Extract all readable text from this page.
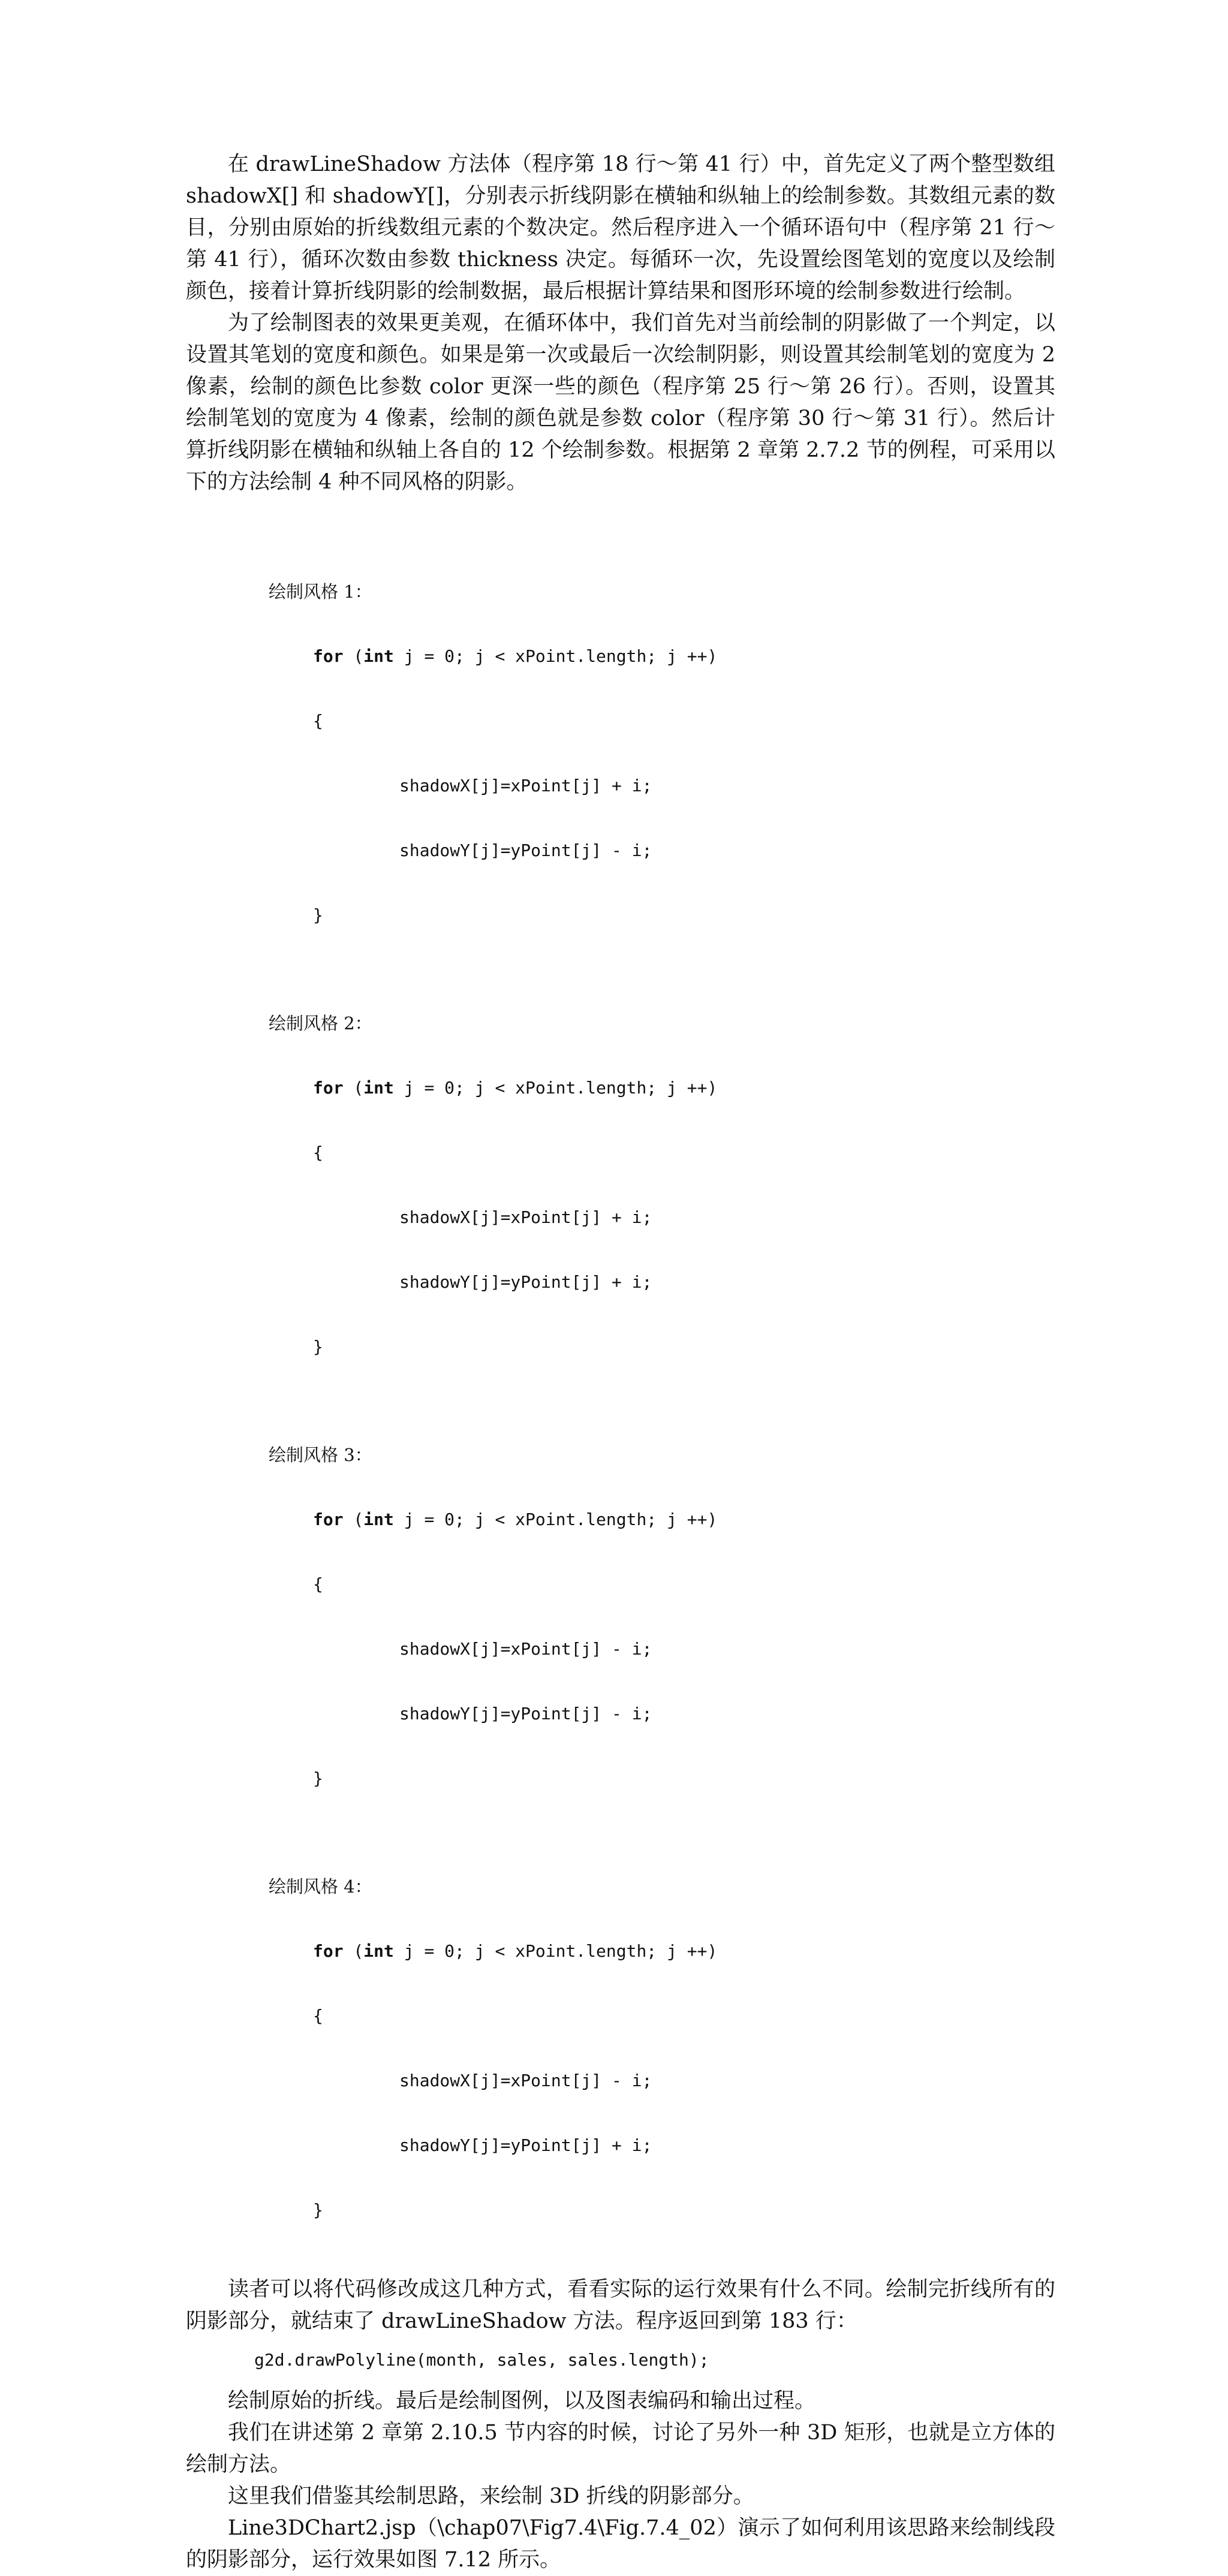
在 drawLineShadow 方法体（程序第 18 行～第 41 行）中，首先定义了两个整型数组 shadowX[] 和 shadowY[]，分别表示折线阴影在横轴和纵轴上的绘制参数。其数组元素的数目，分别由原始的折线数组元素的个数决定。然后程序进入一个循环语句中（程序第 21 行～第 41 行），循环次数由参数 thickness 决定。每循环一次，先设置绘图笔划的宽度以及绘制颜色，接着计算折线阴影的绘制数据，最后根据计算结果和图形环境的绘制参数进行绘制。

为了绘制图表的效果更美观，在循环体中，我们首先对当前绘制的阴影做了一个判定，以设置其笔划的宽度和颜色。如果是第一次或最后一次绘制阴影，则设置其绘制笔划的宽度为 2 像素，绘制的颜色比参数 color 更深一些的颜色（程序第 25 行～第 26 行）。否则，设置其绘制笔划的宽度为 4 像素，绘制的颜色就是参数 color（程序第 30 行～第 31 行）。然后计算折线阴影在横轴和纵轴上各自的 12 个绘制参数。根据第 2 章第 2.7.2 节的例程，可采用以下的方法绘制 4 种不同风格的阴影。

绘制风格 1：

for (int j = 0; j < xPoint.length; j ++)

{

shadowX[j]=xPoint[j] + i;

shadowY[j]=yPoint[j] - i;

}

绘制风格 2：

for (int j = 0; j < xPoint.length; j ++)

{

shadowX[j]=xPoint[j] + i;

shadowY[j]=yPoint[j] + i;

}

绘制风格 3：

for (int j = 0; j < xPoint.length; j ++)

{

shadowX[j]=xPoint[j] - i;

shadowY[j]=yPoint[j] - i;

}

绘制风格 4：

for (int j = 0; j < xPoint.length; j ++)

{

shadowX[j]=xPoint[j] - i;

shadowY[j]=yPoint[j] + i;

}

读者可以将代码修改成这几种方式，看看实际的运行效果有什么不同。绘制完折线所有的阴影部分，就结束了 drawLineShadow 方法。程序返回到第 183 行：

g2d.drawPolyline(month, sales, sales.length);

绘制原始的折线。最后是绘制图例，以及图表编码和输出过程。

我们在讲述第 2 章第 2.10.5 节内容的时候，讨论了另外一种 3D 矩形，也就是立方体的绘制方法。

这里我们借鉴其绘制思路，来绘制 3D 折线的阴影部分。

Line3DChart2.jsp（\chap07\Fig7.4\Fig.7.4_02）演示了如何利用该思路来绘制线段的阴影部分，运行效果如图 7.12 所示。
